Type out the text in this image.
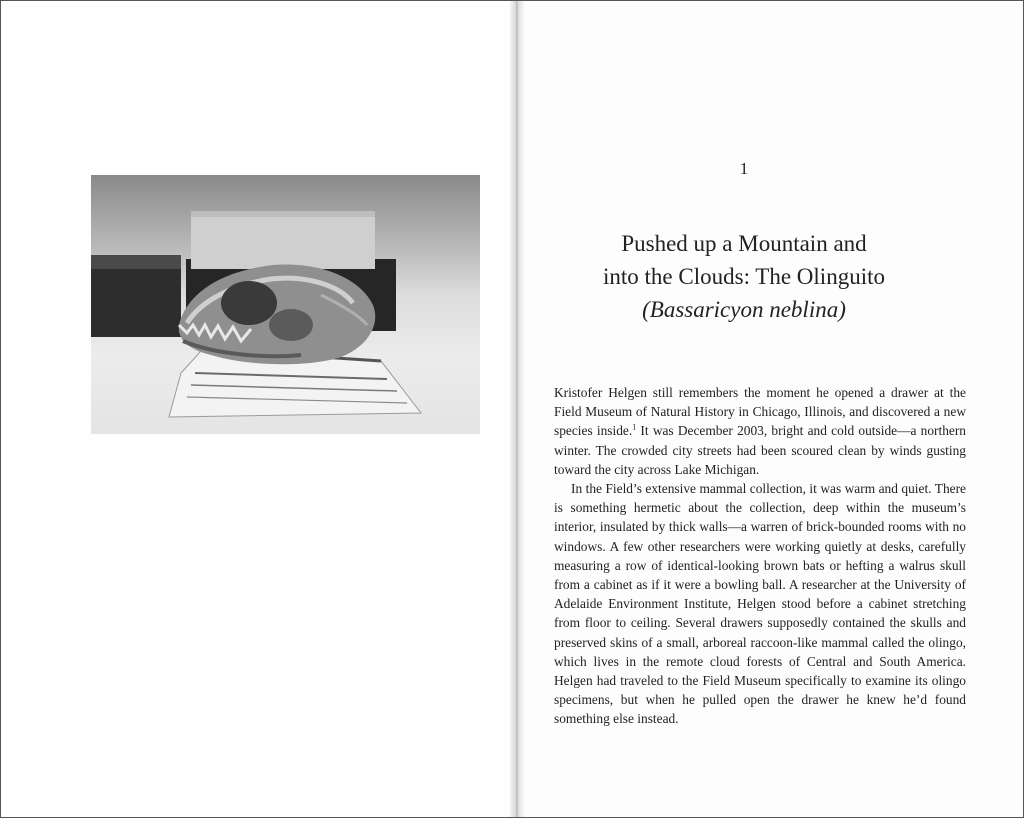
1
Pushed up a Mountain and
into the Clouds: The Olinguito
(Bassaricyon neblina)

Kristofer Helgen still remembers the moment he opened a drawer at the Field Museum of Natural History in Chicago, Illinois, and discovered a new species inside.$^1$ It was December 2003, bright and cold outside—a northern winter. The crowded city streets had been scoured clean by winds gusting toward the city across Lake Michigan.

In the Field’s extensive mammal collection, it was warm and quiet. There is something hermetic about the collection, deep within the museum’s interior, insulated by thick walls—a warren of brick-bounded rooms with no windows. A few other researchers were working quietly at desks, carefully measuring a row of identical-looking brown bats or hefting a walrus skull from a cabinet as if it were a bowling ball. A researcher at the University of Adelaide Environment Institute, Helgen stood before a cabinet stretching from floor to ceiling. Several drawers supposedly contained the skulls and preserved skins of a small, arboreal raccoon-like mammal called the olingo, which lives in the remote cloud forests of Central and South America. Helgen had traveled to the Field Museum specifically to examine its olingo specimens, but when he pulled open the drawer he knew he’d found something else instead.
